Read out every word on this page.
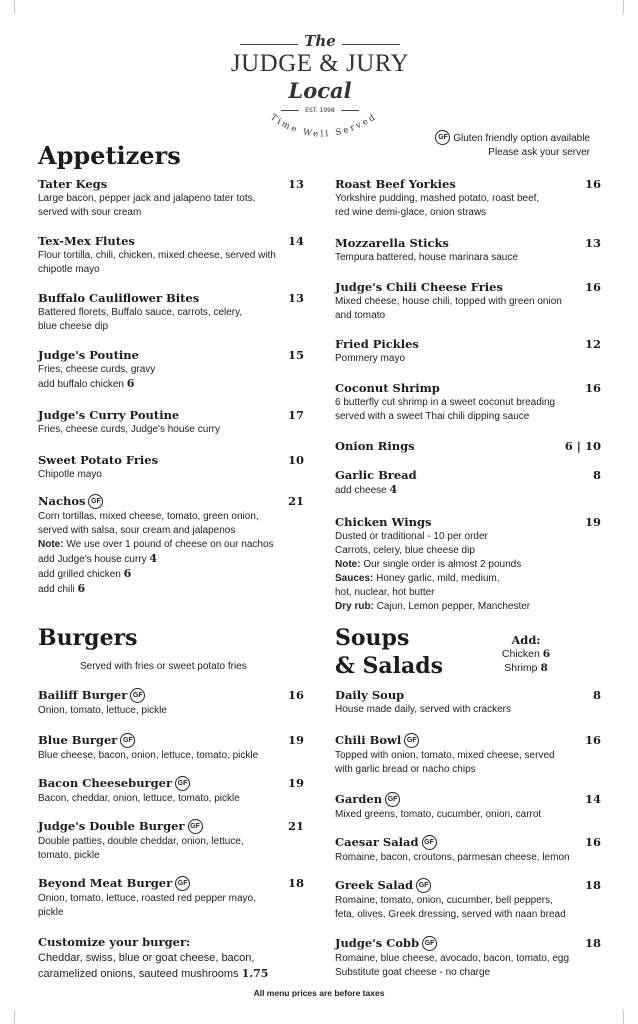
The
JUDGE & JURY
Local
EST. 1998
Time Well Served
GF Gluten friendly option available
Please ask your server
Appetizers
Burgers
Served with fries or sweet potato fries
Soups
& Salads
Add:
Chicken 6
Shrimp 8
Tater Kegs	13
Large bacon, pepper jack and jalapeno tater tots,
served with sour cream
Tex-Mex Flutes	14
Flour tortilla, chili, chicken, mixed cheese, served with
chipotle mayo
Buffalo Cauliflower Bites	13
Battered florets, Buffalo sauce, carrots, celery,
blue cheese dip
Judge's Poutine	15
Fries, cheese curds, gravy
add buffalo chicken 6
Judge's Curry Poutine	17
Fries, cheese curds, Judge's house curry
Sweet Potato Fries	10
Chipotle mayo
Nachos GF	21
Corn tortillas, mixed cheese, tomato, green onion,
served with salsa, sour cream and jalapenos
Note: We use over 1 pound of cheese on our nachos
add Judge's house curry 4
add grilled chicken 6
add chili 6
Roast Beef Yorkies	16
Yorkshire pudding, mashed potato, roast beef,
red wine demi-glace, onion straws
Mozzarella Sticks	13
Tempura battered, house marinara sauce
Judge's Chili Cheese Fries	16
Mixed cheese, house chili, topped with green onion
and tomato
Fried Pickles	12
Pommery mayo
Coconut Shrimp	16
6 butterfly cut shrimp in a sweet coconut breading
served with a sweet Thai chili dipping sauce
Onion Rings	6 | 10
Garlic Bread	8
add cheese 4
Chicken Wings	19
Dusted or traditional - 10 per order
Carrots, celery, blue cheese dip
Note: Our single order is almost 2 pounds
Sauces: Honey garlic, mild, medium,
hot, nuclear, hot butter
Dry rub: Cajun, Lemon pepper, Manchester
Bailiff Burger GF	16
Onion, tomato, lettuce, pickle
Blue Burger GF	19
Blue cheese, bacon, onion, lettuce, tomato, pickle
Bacon Cheeseburger GF	19
Bacon, cheddar, onion, lettuce, tomato, pickle
Judge's Double Burger GF	21
Double patties, double cheddar, onion, lettuce,
tomato, pickle
Beyond Meat Burger GF	18
Onion, tomato, lettuce, roasted red pepper mayo,
pickle
Customize your burger:
Cheddar, swiss, blue or goat cheese, bacon,
caramelized onions, sauteed mushrooms 1.75
Daily Soup	8
House made daily, served with crackers
Chili Bowl GF	16
Topped with onion, tomato, mixed cheese, served
with garlic bread or nacho chips
Garden GF	14
Mixed greens, tomato, cucumber, onion, carrot
Caesar Salad GF	16
Romaine, bacon, croutons, parmesan cheese, lemon
Greek Salad GF	18
Romaine, tomato, onion, cucumber, bell peppers,
feta, olives, Greek dressing, served with naan bread
Judge's Cobb GF	18
Romaine, blue cheese, avocado, bacon, tomato, egg
Substitute goat cheese - no charge
All menu prices are before taxes
